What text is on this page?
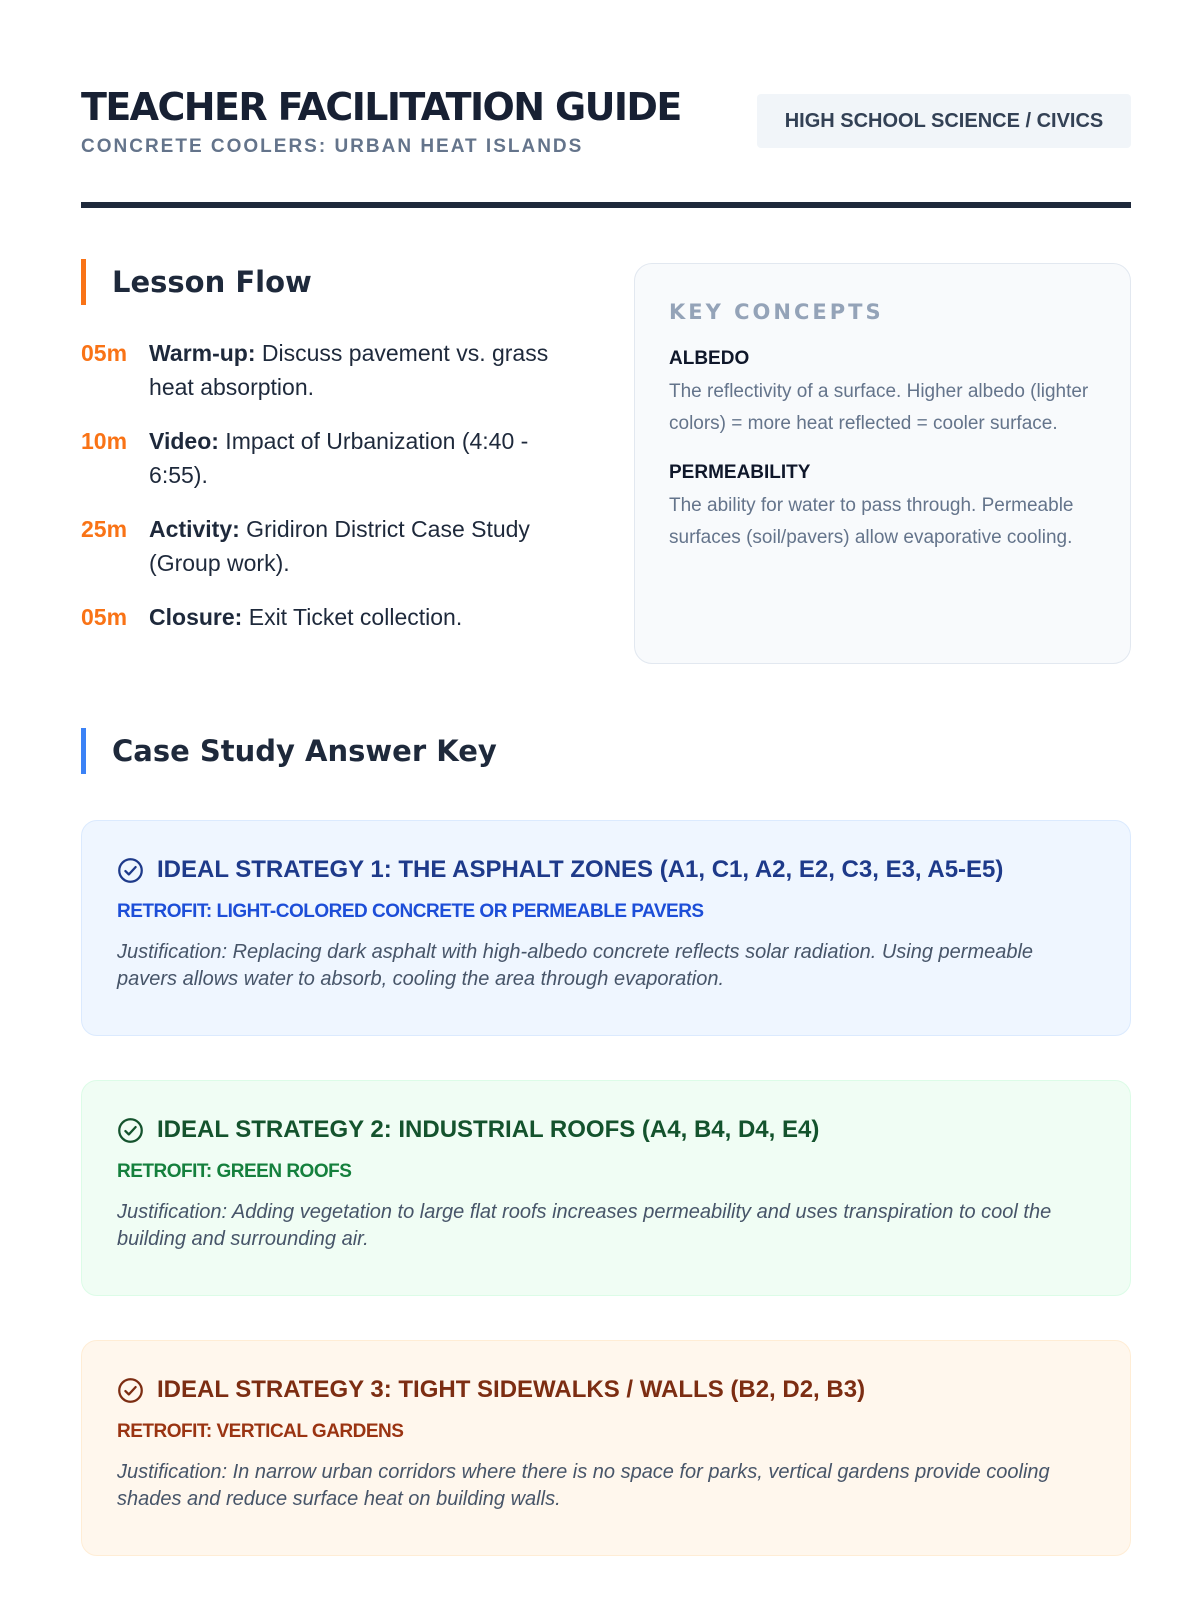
TEACHER FACILITATION GUIDE
CONCRETE COOLERS: URBAN HEAT ISLANDS
HIGH SCHOOL SCIENCE / CIVICS
Lesson Flow
05m Warm-up: Discuss pavement vs. grass heat absorption.
10m Video: Impact of Urbanization (4:40 - 6:55).
25m Activity: Gridiron District Case Study (Group work).
05m Closure: Exit Ticket collection.
KEY CONCEPTS
ALBEDO
The reflectivity of a surface. Higher albedo (lighter colors) = more heat reflected = cooler surface.
PERMEABILITY
The ability for water to pass through. Permeable surfaces (soil/pavers) allow evaporative cooling.
Case Study Answer Key
IDEAL STRATEGY 1: THE ASPHALT ZONES (A1, C1, A2, E2, C3, E3, A5-E5)
RETROFIT: LIGHT-COLORED CONCRETE OR PERMEABLE PAVERS
Justification: Replacing dark asphalt with high-albedo concrete reflects solar radiation. Using permeable pavers allows water to absorb, cooling the area through evaporation.
IDEAL STRATEGY 2: INDUSTRIAL ROOFS (A4, B4, D4, E4)
RETROFIT: GREEN ROOFS
Justification: Adding vegetation to large flat roofs increases permeability and uses transpiration to cool the building and surrounding air.
IDEAL STRATEGY 3: TIGHT SIDEWALKS / WALLS (B2, D2, B3)
RETROFIT: VERTICAL GARDENS
Justification: In narrow urban corridors where there is no space for parks, vertical gardens provide cooling shades and reduce surface heat on building walls.
